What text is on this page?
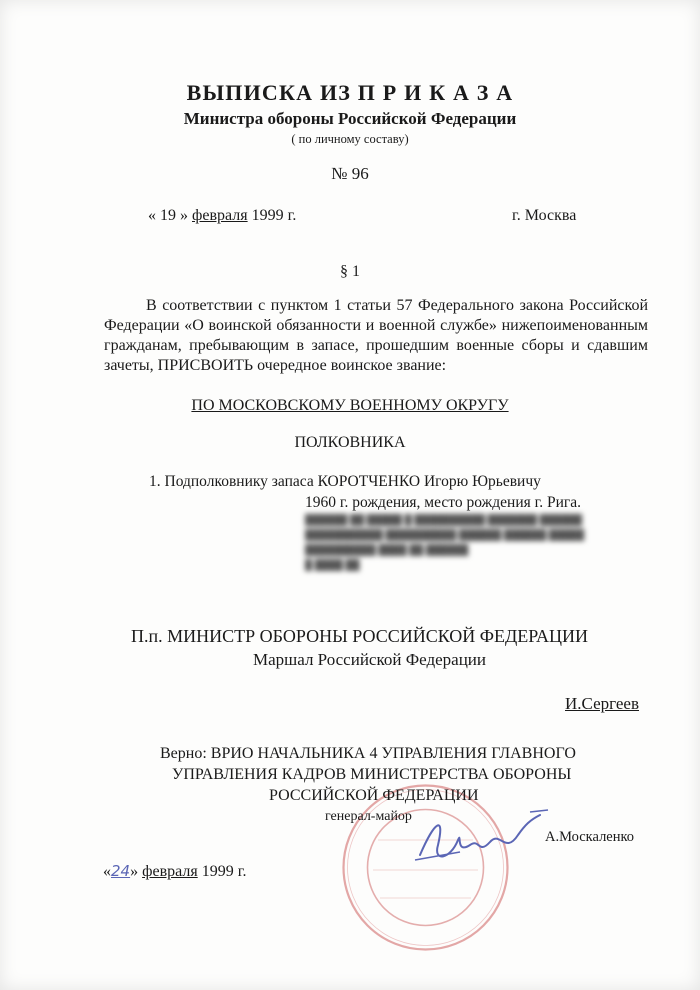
ВЫПИСКА ИЗ П Р И К А З А
Министра обороны Российской Федерации
( по личному составу)
№ 96
« 19 » февраля 1999 г.	г. Москва
§ 1
В соответствии с пунктом 1 статьи 57 Федерального закона Российской Федерации «О воинской обязанности и военной службе» нижепоименованным гражданам, пребывающим в запасе, прошедшим военные сборы и сдавшим зачеты, ПРИСВОИТЬ очередное воинское звание:
ПО МОСКОВСКОМУ ВОЕННОМУ ОКРУГУ
ПОЛКОВНИКА
1. Подполковнику запаса КОРОТЧЕНКО Игорю Юрьевичу
1960 г. рождения, место рождения г. Рига.
██████ ██ █████ █ ██████████ ███████ ██████
███████████ ██████████ ██████ ██████ █████
██████████ ████ ██ ██████
█ ████ ██
П.п. МИНИСТР ОБОРОНЫ РОССИЙСКОЙ ФЕДЕРАЦИИ
Маршал Российской Федерации
И.Сергеев
Верно: ВРИО НАЧАЛЬНИКА 4 УПРАВЛЕНИЯ ГЛАВНОГО
УПРАВЛЕНИЯ КАДРОВ МИНИСТРЕРСТВА ОБОРОНЫ
РОССИЙСКОЙ ФЕДЕРАЦИИ
генерал-майор
А.Москаленко
«24» февраля 1999 г.
